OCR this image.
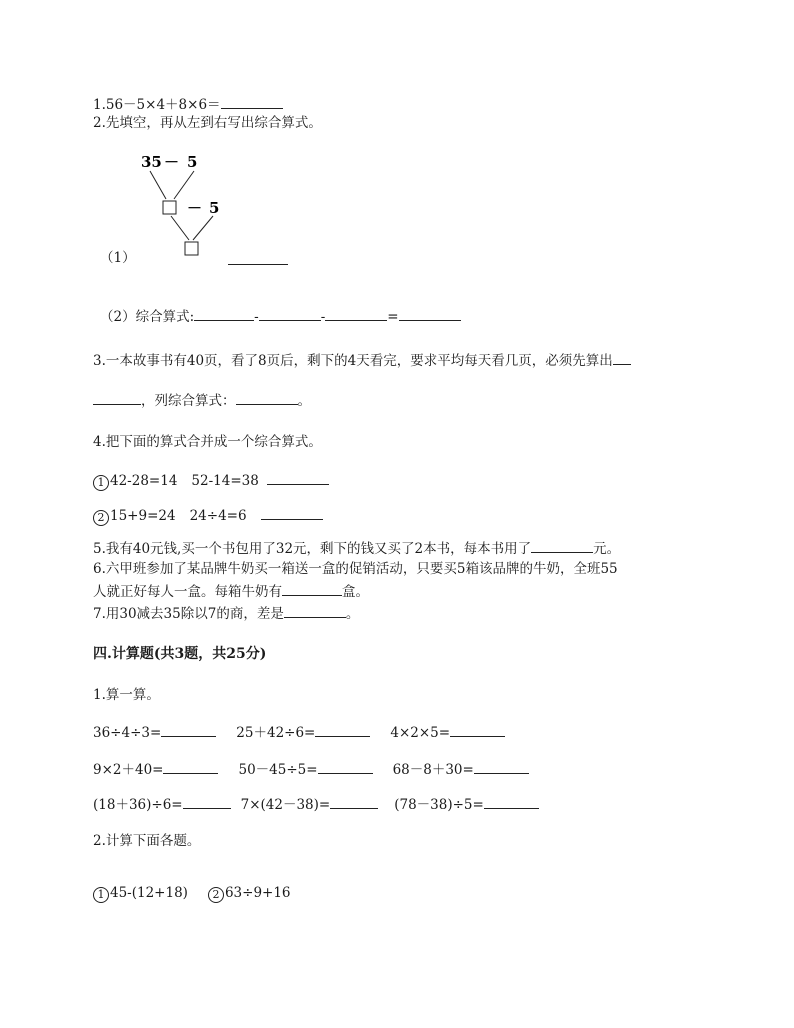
1.56－5×4＋8×6＝
2.先填空，再从左到右写出综合算式。
35 － 5
－ 5
（1）
（2）综合算式:	-	-	=
3.一本故事书有40页，看了8页后，剩下的4天看完，要求平均每天看几页，必须先算出
，列综合算式：	。
4.把下面的算式合并成一个综合算式。
1 42-28=14 52-14=38
2 15+9=24 24÷4=6
5.我有40元钱,买一个书包用了32元，剩下的钱又买了2本书，每本书用了	元。
6.六甲班参加了某品牌牛奶买一箱送一盒的促销活动，只要买5箱该品牌的牛奶，全班55
人就正好每人一盒。每箱牛奶有	盒。
7.用30减去35除以7的商，差是	。
四.计算题(共3题，共25分)
1.算一算。
36÷4÷3=	25＋42÷6=	4×2×5=
9×2＋40=	50－45÷5=	68－8＋30=
(18＋36)÷6=	7×(42－38)=	(78－38)÷5=
2.计算下面各题。
1 45-(12+18) 2 63÷9+16
